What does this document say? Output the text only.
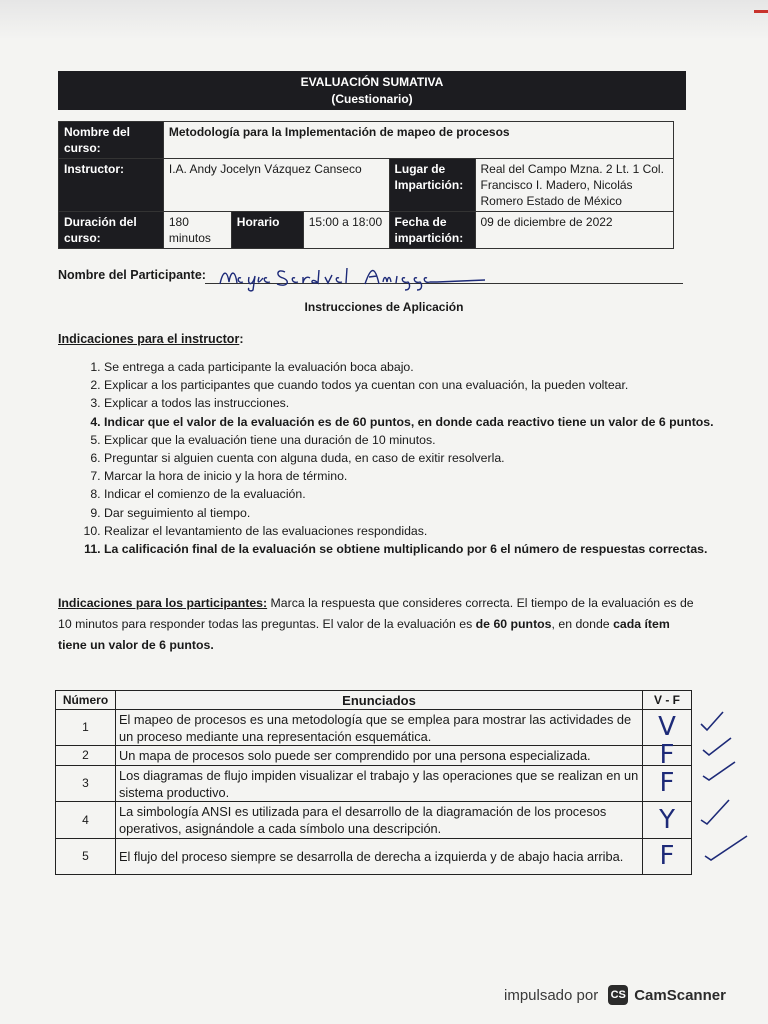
EVALUACIÓN SUMATIVA
(Cuestionario)
Nombre del curso:	Metodología para la Implementación de mapeo de procesos				
Instructor:	I.A. Andy Jocelyn Vázquez Canseco			Lugar de Impartición:	Real del Campo Mzna. 2 Lt. 1 Col. Francisco I. Madero, Nicolás Romero Estado de México
Duración del curso:	180 minutos	Horario	15:00 a 18:00	Fecha de impartición:	09 de diciembre de 2022
Nombre del Participante:
Instrucciones de Aplicación
Indicaciones para el instructor:
1. Se entrega a cada participante la evaluación boca abajo.
2. Explicar a los participantes que cuando todos ya cuentan con una evaluación, la pueden voltear.
3. Explicar a todos las instrucciones.
4. Indicar que el valor de la evaluación es de 60 puntos, en donde cada reactivo tiene un valor de 6 puntos.
5. Explicar que la evaluación tiene una duración de 10 minutos.
6. Preguntar si alguien cuenta con alguna duda, en caso de exitir resolverla.
7. Marcar la hora de inicio y la hora de término.
8. Indicar el comienzo de la evaluación.
9. Dar seguimiento al tiempo.
10. Realizar el levantamiento de las evaluaciones respondidas.
11. La calificación final de la evaluación se obtiene multiplicando por 6 el número de respuestas correctas.
Indicaciones para los participantes: Marca la respuesta que consideres correcta. El tiempo de la evaluación es de 10 minutos para responder todas las preguntas. El valor de la evaluación es de 60 puntos, en donde cada ítem tiene un valor de 6 puntos.
Número	Enunciados	V - F
1	El mapeo de procesos es una metodología que se emplea para mostrar las actividades de un proceso mediante una representación esquemática.	V
2	Un mapa de procesos solo puede ser comprendido por una persona especializada.	F
3	Los diagramas de flujo impiden visualizar el trabajo y las operaciones que se realizan en un sistema productivo.	F
4	La simbología ANSI es utilizada para el desarrollo de la diagramación de los procesos operativos, asignándole a cada símbolo una descripción.	Y
5	El flujo del proceso siempre se desarrolla de derecha a izquierda y de abajo hacia arriba.	F
impulsado por CS CamScanner
